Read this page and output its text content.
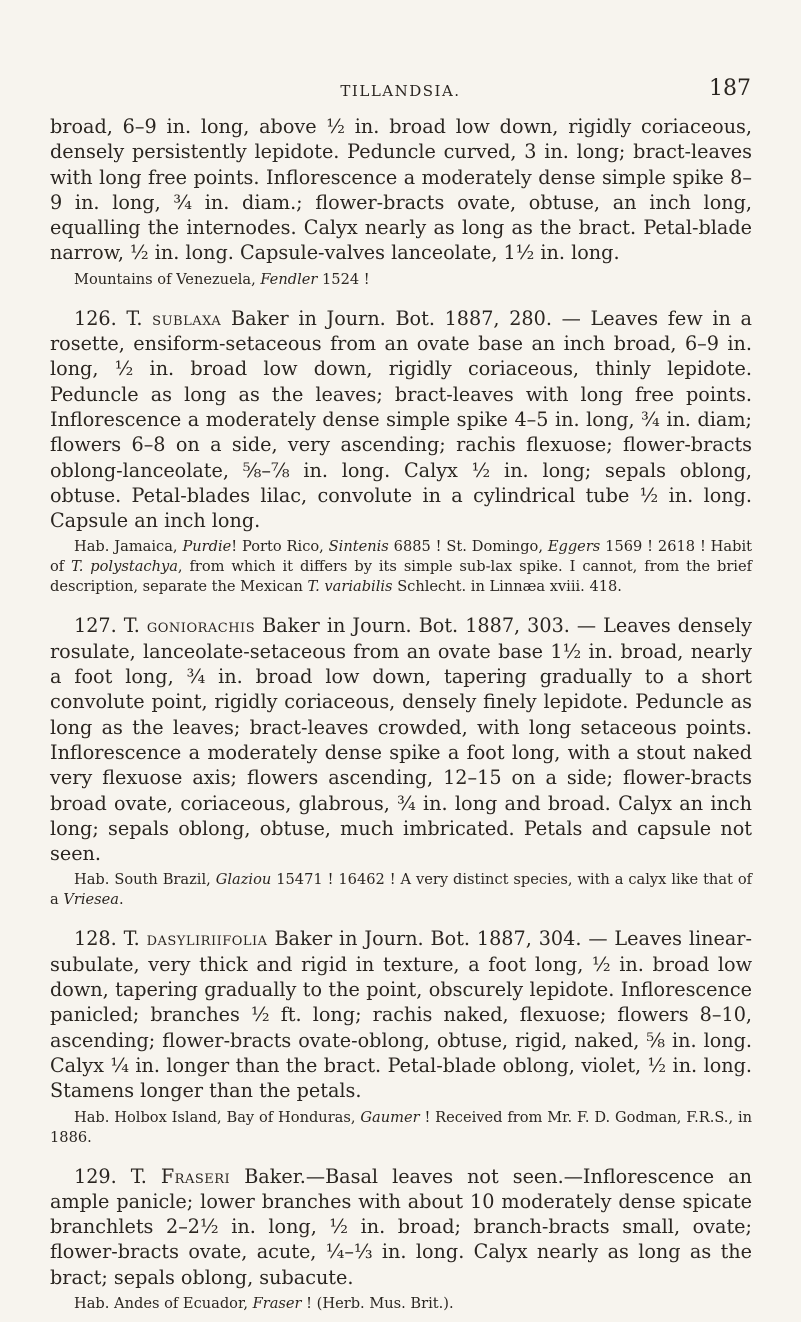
TILLANDSIA.	187

broad, 6–9 in. long, above ½ in. broad low down, rigidly coriaceous, densely persistently lepidote. Peduncle curved, 3 in. long; bract-leaves with long free points. Inflorescence a moderately dense simple spike 8–9 in. long, ¾ in. diam.; flower-bracts ovate, obtuse, an inch long, equalling the internodes. Calyx nearly as long as the bract. Petal-blade narrow, ½ in. long. Capsule-valves lanceolate, 1½ in. long.

Mountains of Venezuela, Fendler 1524 !

126. T. sublaxa Baker in Journ. Bot. 1887, 280. — Leaves few in a rosette, ensiform-setaceous from an ovate base an inch broad, 6–9 in. long, ½ in. broad low down, rigidly coriaceous, thinly lepidote. Peduncle as long as the leaves; bract-leaves with long free points. Inflorescence a moderately dense simple spike 4–5 in. long, ¾ in. diam; flowers 6–8 on a side, very ascending; rachis flexuose; flower-bracts oblong-lanceolate, ⅝–⅞ in. long. Calyx ½ in. long; sepals oblong, obtuse. Petal-blades lilac, convolute in a cylindrical tube ½ in. long. Capsule an inch long.

Hab. Jamaica, Purdie! Porto Rico, Sintenis 6885 ! St. Domingo, Eggers 1569 ! 2618 ! Habit of T. polystachya, from which it differs by its simple sub-lax spike. I cannot, from the brief description, separate the Mexican T. variabilis Schlecht. in Linnæa xviii. 418.

127. T. goniorachis Baker in Journ. Bot. 1887, 303. — Leaves densely rosulate, lanceolate-setaceous from an ovate base 1½ in. broad, nearly a foot long, ¾ in. broad low down, tapering gradually to a short convolute point, rigidly coriaceous, densely finely lepidote. Peduncle as long as the leaves; bract-leaves crowded, with long setaceous points. Inflorescence a moderately dense spike a foot long, with a stout naked very flexuose axis; flowers ascending, 12–15 on a side; flower-bracts broad ovate, coriaceous, glabrous, ¾ in. long and broad. Calyx an inch long; sepals oblong, obtuse, much imbricated. Petals and capsule not seen.

Hab. South Brazil, Glaziou 15471 ! 16462 ! A very distinct species, with a calyx like that of a Vriesea.

128. T. dasyliriifolia Baker in Journ. Bot. 1887, 304. — Leaves linear-subulate, very thick and rigid in texture, a foot long, ½ in. broad low down, tapering gradually to the point, obscurely lepidote. Inflorescence panicled; branches ½ ft. long; rachis naked, flexuose; flowers 8–10, ascending; flower-bracts ovate-oblong, obtuse, rigid, naked, ⅝ in. long. Calyx ¼ in. longer than the bract. Petal-blade oblong, violet, ½ in. long. Stamens longer than the petals.

Hab. Holbox Island, Bay of Honduras, Gaumer ! Received from Mr. F. D. Godman, F.R.S., in 1886.

129. T. Fraseri Baker.—Basal leaves not seen.—Inflorescence an ample panicle; lower branches with about 10 moderately dense spicate branchlets 2–2½ in. long, ½ in. broad; branch-bracts small, ovate; flower-bracts ovate, acute, ¼–⅓ in. long. Calyx nearly as long as the bract; sepals oblong, subacute.

Hab. Andes of Ecuador, Fraser ! (Herb. Mus. Brit.).
